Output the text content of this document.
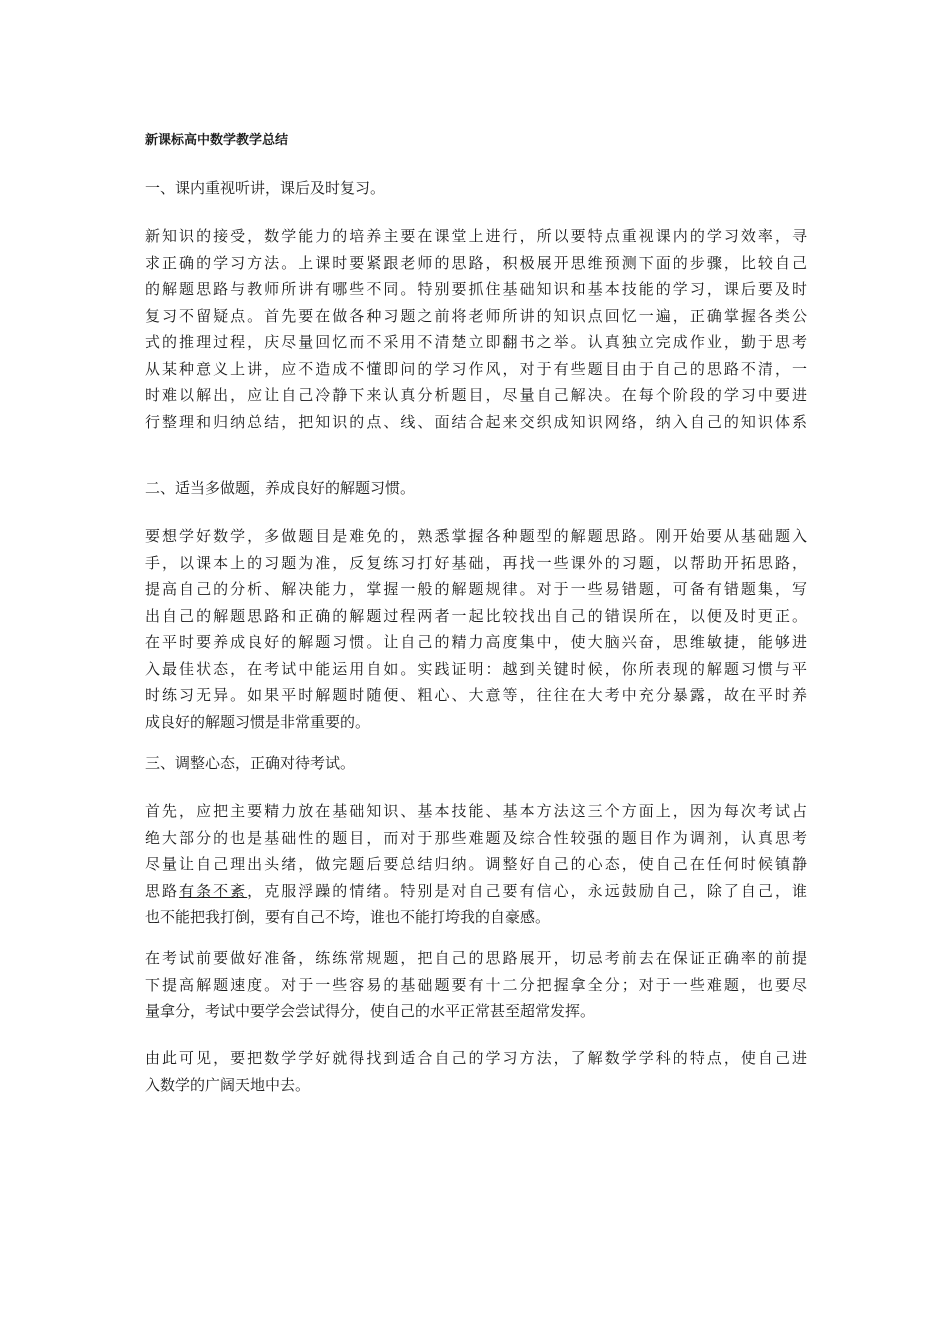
新课标高中数学教学总结
一、课内重视听讲，课后及时复习。
新知识的接受，数学能力的培养主要在课堂上进行，所以要特点重视课内的学习效率，寻
求正确的学习方法。上课时要紧跟老师的思路，积极展开思维预测下面的步骤，比较自己
的解题思路与教师所讲有哪些不同。特别要抓住基础知识和基本技能的学习，课后要及时
复习不留疑点。首先要在做各种习题之前将老师所讲的知识点回忆一遍，正确掌握各类公
式的推理过程，庆尽量回忆而不采用不清楚立即翻书之举。认真独立完成作业，勤于思考
从某种意义上讲，应不造成不懂即问的学习作风，对于有些题目由于自己的思路不清，一
时难以解出，应让自己冷静下来认真分析题目，尽量自己解决。在每个阶段的学习中要进
行整理和归纳总结，把知识的点、线、面结合起来交织成知识网络，纳入自己的知识体系
二、适当多做题，养成良好的解题习惯。
要想学好数学，多做题目是难免的，熟悉掌握各种题型的解题思路。刚开始要从基础题入
手，以课本上的习题为准，反复练习打好基础，再找一些课外的习题，以帮助开拓思路，
提高自己的分析、解决能力，掌握一般的解题规律。对于一些易错题，可备有错题集，写
出自己的解题思路和正确的解题过程两者一起比较找出自己的错误所在，以便及时更正。
在平时要养成良好的解题习惯。让自己的精力高度集中，使大脑兴奋，思维敏捷，能够进
入最佳状态，在考试中能运用自如。实践证明：越到关键时候，你所表现的解题习惯与平
时练习无异。如果平时解题时随便、粗心、大意等，往往在大考中充分暴露，故在平时养
成良好的解题习惯是非常重要的。
三、调整心态，正确对待考试。
首先，应把主要精力放在基础知识、基本技能、基本方法这三个方面上，因为每次考试占
绝大部分的也是基础性的题目，而对于那些难题及综合性较强的题目作为调剂，认真思考
尽量让自己理出头绪，做完题后要总结归纳。调整好自己的心态，使自己在任何时候镇静
思路有条不紊，克服浮躁的情绪。特别是对自己要有信心，永远鼓励自己，除了自己，谁
也不能把我打倒，要有自己不垮，谁也不能打垮我的自豪感。
在考试前要做好准备，练练常规题，把自己的思路展开，切忌考前去在保证正确率的前提
下提高解题速度。对于一些容易的基础题要有十二分把握拿全分；对于一些难题，也要尽
量拿分，考试中要学会尝试得分，使自己的水平正常甚至超常发挥。
由此可见，要把数学学好就得找到适合自己的学习方法，了解数学学科的特点，使自己进
入数学的广阔天地中去。
